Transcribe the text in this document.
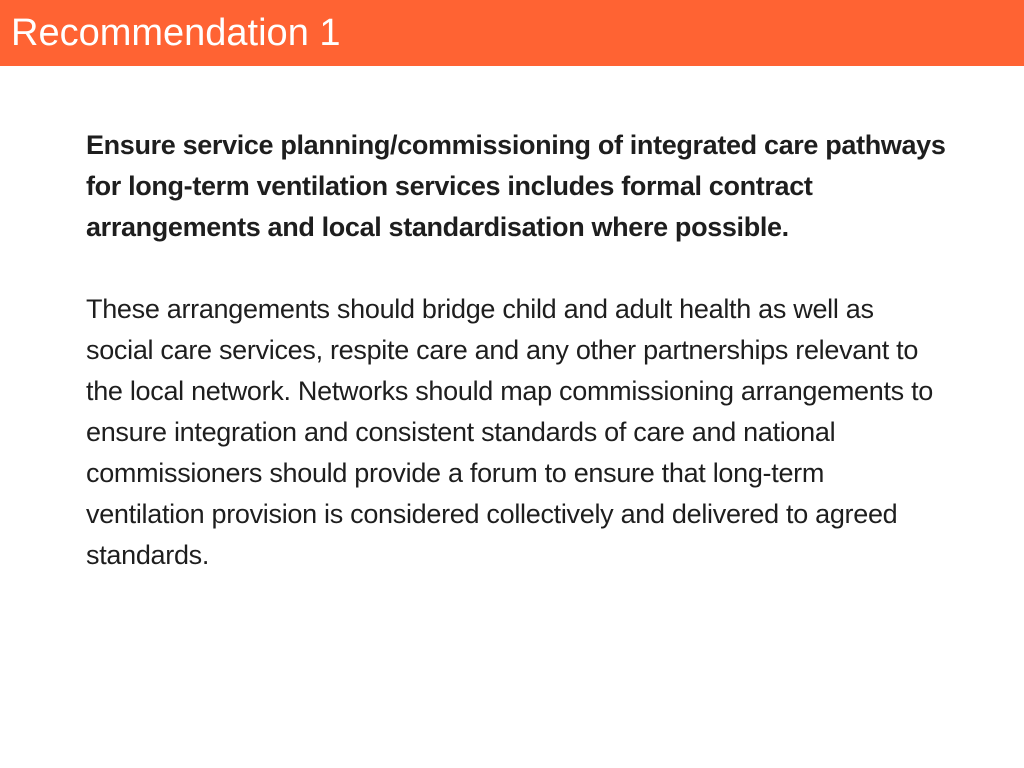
Recommendation 1

Ensure service planning/commissioning of integrated care pathways for long-term ventilation services includes formal contract arrangements and local standardisation where possible.

These arrangements should bridge child and adult health as well as social care services, respite care and any other partnerships relevant to the local network. Networks should map commissioning arrangements to ensure integration and consistent standards of care and national commissioners should provide a forum to ensure that long-term ventilation provision is considered collectively and delivered to agreed standards.
